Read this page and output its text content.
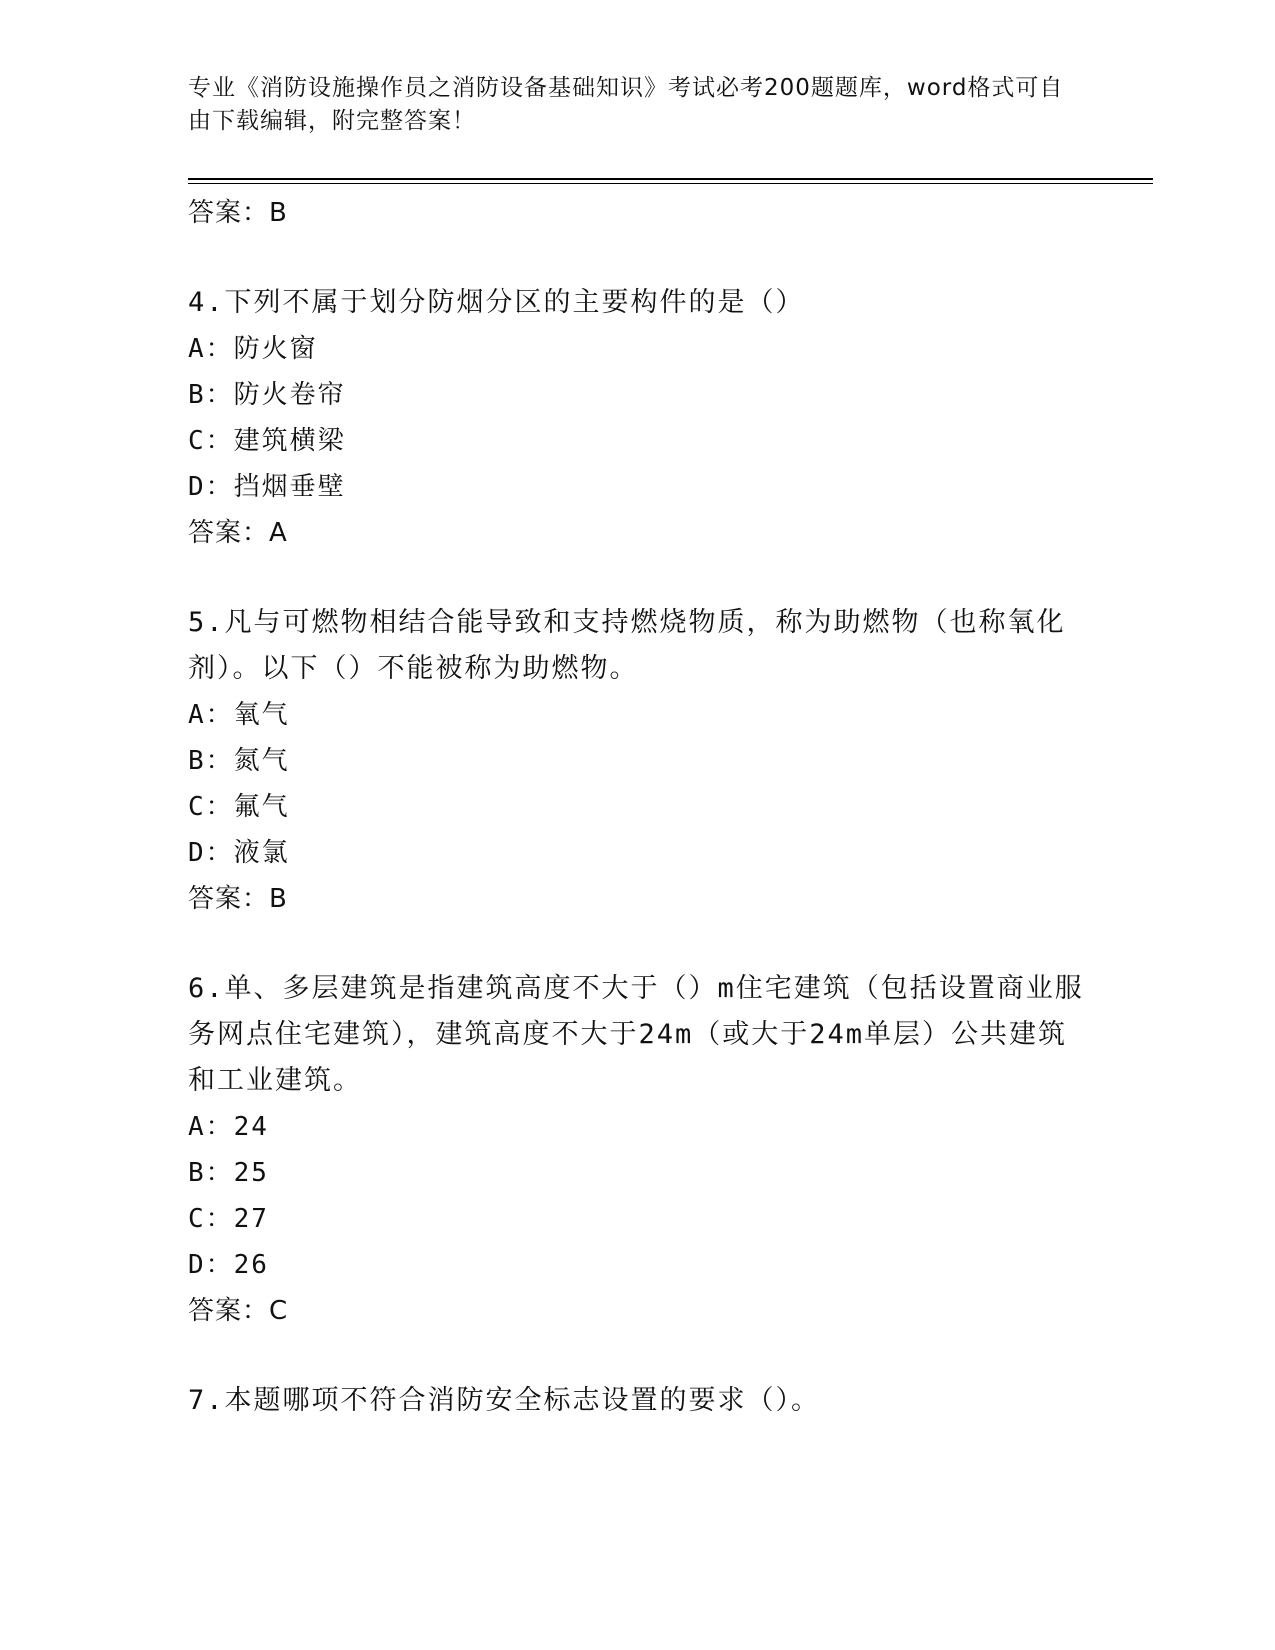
专业《消防设施操作员之消防设备基础知识》考试必考200题题库，word格式可自由下载编辑，附完整答案！
答案：B
4.下列不属于划分防烟分区的主要构件的是（）
A：防火窗
B：防火卷帘
C：建筑横梁
D：挡烟垂壁
答案：A
5.凡与可燃物相结合能导致和支持燃烧物质，称为助燃物（也称氧化剂）。以下（）不能被称为助燃物。
A：氧气
B：氮气
C：氟气
D：液氯
答案：B
6.单、多层建筑是指建筑高度不大于（）m住宅建筑（包括设置商业服务网点住宅建筑），建筑高度不大于24m（或大于24m单层）公共建筑和工业建筑。
A：24
B：25
C：27
D：26
答案：C
7.本题哪项不符合消防安全标志设置的要求（）。
